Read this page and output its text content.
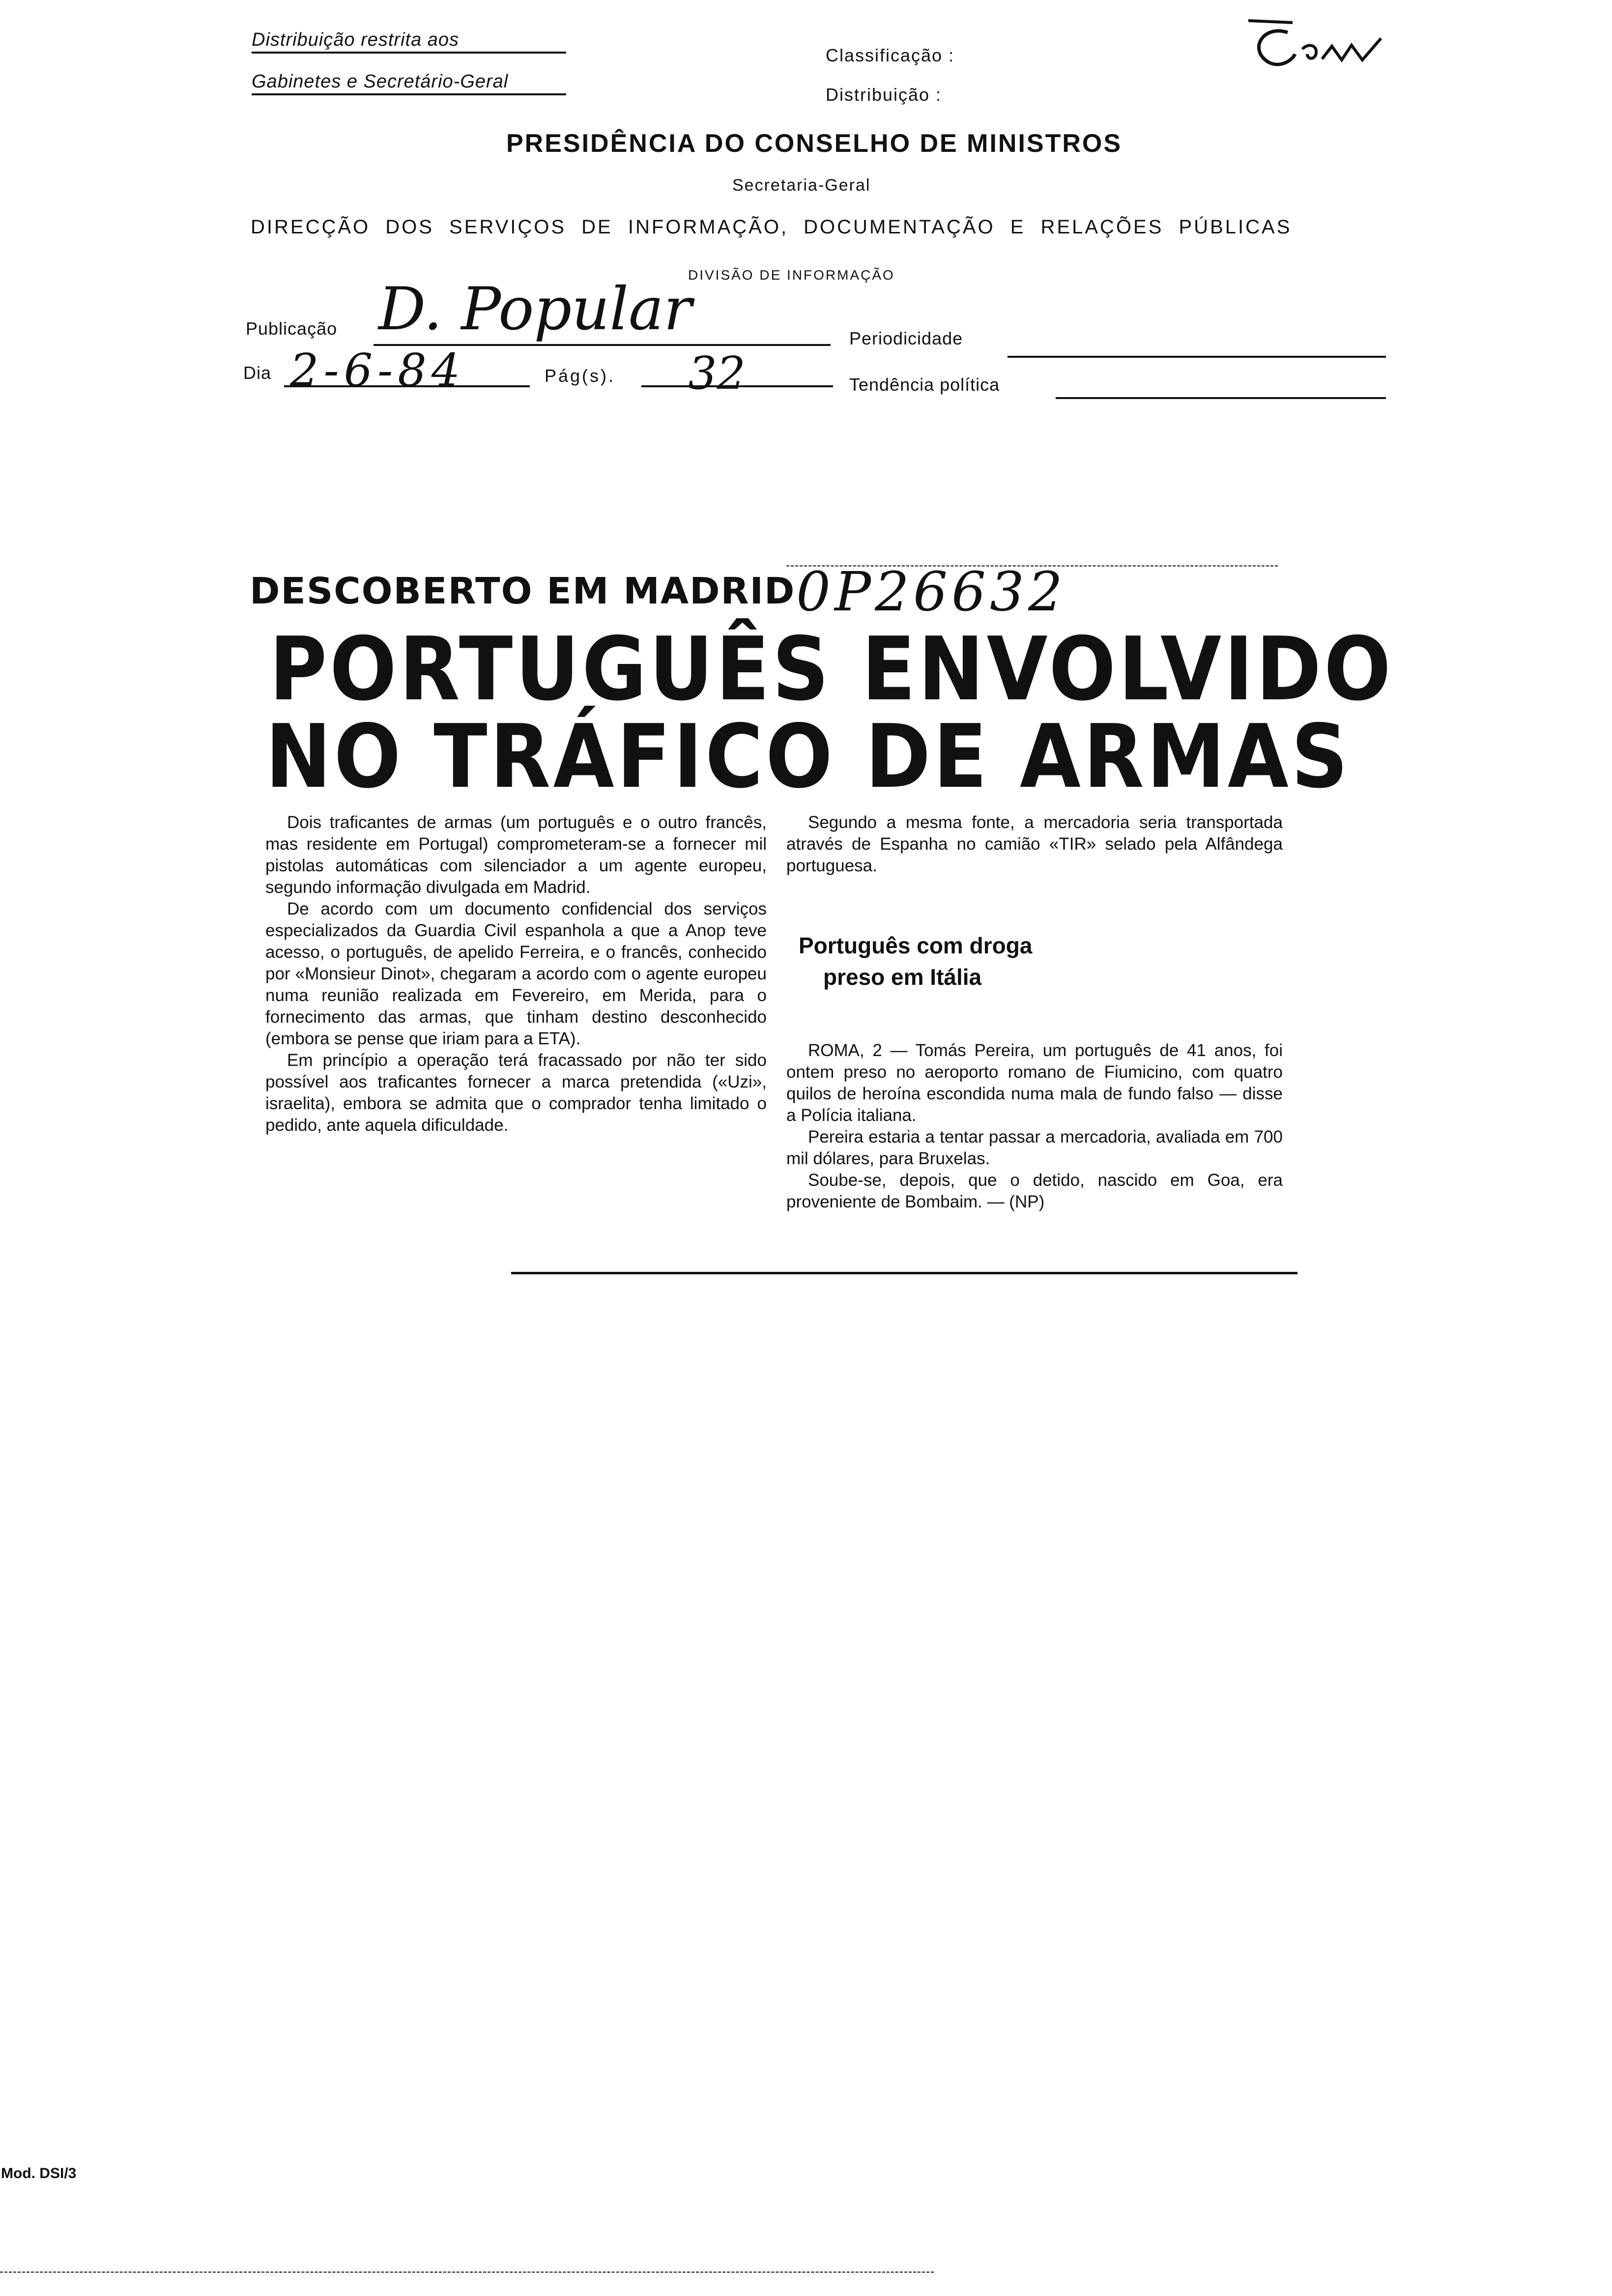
Distribuição restrita aos
Gabinetes e Secretário-Geral
Classificação :
Distribuição :
PRESIDÊNCIA DO CONSELHO DE MINISTROS
Secretaria-Geral
DIRECÇÃO DOS SERVIÇOS DE INFORMAÇÃO, DOCUMENTAÇÃO E RELAÇÕES PÚBLICAS
DIVISÃO DE INFORMAÇÃO
Publicação D. Popular	Periodicidade
Dia 2-6-84	Pág(s). 32	Tendência política
DESCOBERTO EM MADRID 0P26632
PORTUGUÊS ENVOLVIDO
NO TRÁFICO DE ARMAS

Dois traficantes de armas (um português e o outro francês, mas residente em Portugal) comprometeram-se a fornecer mil pistolas automáticas com silenciador a um agente europeu, segundo informação divulgada em Madrid.

De acordo com um documento confidencial dos serviços especializados da Guardia Civil espanhola a que a Anop teve acesso, o português, de apelido Ferreira, e o francês, conhecido por «Monsieur Dinot», chegaram a acordo com o agente europeu numa reunião realizada em Fevereiro, em Merida, para o fornecimento das armas, que tinham destino desconhecido (embora se pense que iriam para a ETA).

Em princípio a operação terá fracassado por não ter sido possível aos traficantes fornecer a marca pretendida («Uzi», israelita), embora se admita que o comprador tenha limitado o pedido, ante aquela dificuldade.

Segundo a mesma fonte, a mercadoria seria transportada através de Espanha no camião «TIR» selado pela Alfândega portuguesa.

Português com droga
preso em Itália

ROMA, 2 — Tomás Pereira, um português de 41 anos, foi ontem preso no aeroporto romano de Fiumicino, com quatro quilos de heroína escondida numa mala de fundo falso — disse a Polícia italiana.

Pereira estaria a tentar passar a mercadoria, avaliada em 700 mil dólares, para Bruxelas.

Soube-se, depois, que o detido, nascido em Goa, era proveniente de Bombaim. — (NP)

Mod. DSI/3
